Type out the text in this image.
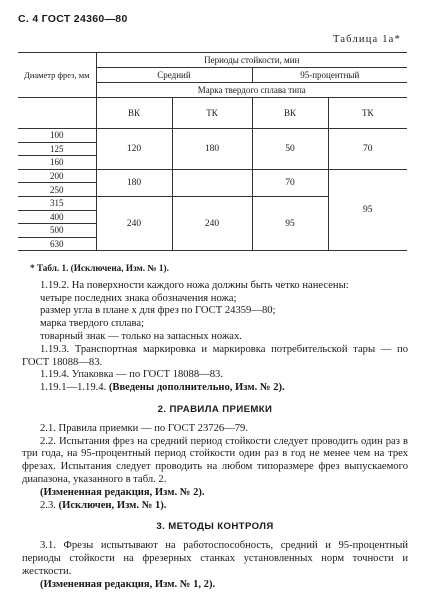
С. 4 ГОСТ 24360—80
Таблица 1а*
Диаметр фрез, мм	Периоды стойкости, мин			
	Средний		95-процентный	
	Марка твердого сплава типа			
	ВК	ТК	ВК	ТК
100	120	180	50	70
125				
160				
200	180		70	95
250				
315	240	240	95	
400				
500				
630				

* Табл. 1. (Исключена, Изм. № 1).

1.19.2. На поверхности каждого ножа должны быть четко нанесены:

четыре последних знака обозначения ножа;

размер угла в плане x для фрез по ГОСТ 24359—80;

марка твердого сплава;

товарный знак — только на запасных ножах.

1.19.3. Транспортная маркировка и маркировка потребительской тары — по ГОСТ 18088—83.

1.19.4. Упаковка — по ГОСТ 18088—83.

1.19.1—1.19.4. (Введены дополнительно, Изм. № 2).

2. ПРАВИЛА ПРИЕМКИ

2.1. Правила приемки — по ГОСТ 23726—79.

2.2. Испытания фрез на средний период стойкости следует проводить один раз в три года, на 95-процентный период стойкости один раз в год не менее чем на трех фрезах. Испытания следует проводить на любом типоразмере фрез выпускаемого диапазона, указанного в табл. 2.

(Измененная редакция, Изм. № 2).

2.3. (Исключен, Изм. № 1).

3. МЕТОДЫ КОНТРОЛЯ

3.1. Фрезы испытывают на работоспособность, средний и 95-процентный периоды стойкости на фрезерных станках установленных норм точности и жесткости.

(Измененная редакция, Изм. № 1, 2).
